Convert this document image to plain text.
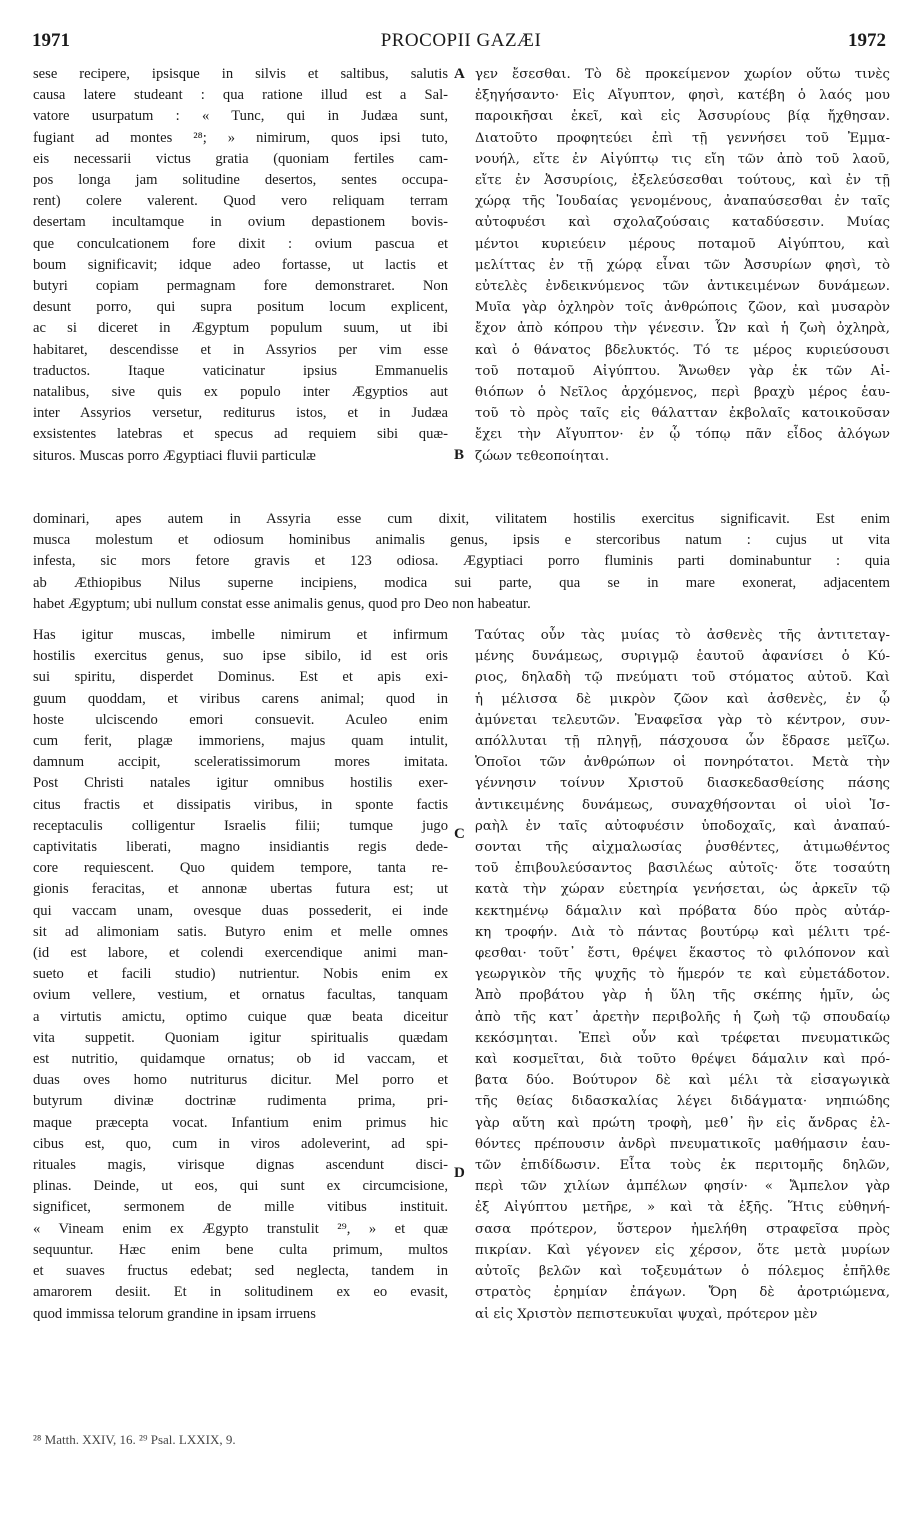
1971	PROCOPII GAZÆI	1972
sese recipere, ipsisque in silvis et saltibus, salutis
causa latere studeant : qua ratione illud est a Sal-
vatore usurpatum : « Tunc, qui in Judæa sunt,
fugiant ad montes ²⁸; » nimirum, quos ipsi tuto,
eis necessarii victus gratia (quoniam fertiles cam-
pos longa jam solitudine desertos, sentes occupa-
rent) colere valerent. Quod vero reliquam terram
desertam incultamque in ovium depastionem bovis-
que conculcationem fore dixit : ovium pascua et
boum significavit; idque adeo fortasse, ut lactis et
butyri copiam permagnam fore demonstraret. Non
desunt porro, qui supra positum locum explicent,
ac si diceret in Ægyptum populum suum, ut ibi
habitaret, descendisse et in Assyrios per vim esse
traductos. Itaque vaticinatur ipsius Emmanuelis
natalibus, sive quis ex populo inter Ægyptios aut
inter Assyrios versetur, rediturus istos, et in Judæa
exsistentes latebras et specus ad requiem sibi quæ-
situros. Muscas porro Ægyptiaci fluvii particulæ
γεν ἔσεσθαι. Τὸ δὲ προκείμενον χωρίον οὕτω τινὲς
ἐξηγήσαντο· Εἰς Αἴγυπτον, φησὶ, κατέβη ὁ λαός μου
παροικῆσαι ἐκεῖ, καὶ εἰς Ἀσσυρίους βίᾳ ἤχθησαν.
Διατοῦτο προφητεύει ἐπὶ τῇ γεννήσει τοῦ Ἐμμα-
νουήλ, εἴτε ἐν Αἰγύπτῳ τις εἴη τῶν ἀπὸ τοῦ λαοῦ,
εἴτε ἐν Ἀσσυρίοις, ἐξελεύσεσθαι τούτους, καὶ ἐν τῇ
χώρᾳ τῆς Ἰουδαίας γενομένους, ἀναπαύσεσθαι ἐν ταῖς
αὐτοφυέσι καὶ σχολαζούσαις καταδύσεσιν. Μυίας
μέντοι κυριεύειν μέρους ποταμοῦ Αἰγύπτου, καὶ
μελίττας ἐν τῇ χώρᾳ εἶναι τῶν Ἀσσυρίων φησὶ, τὸ
εὐτελὲς ἐνδεικνύμενος τῶν ἀντικειμένων δυνάμεων.
Μυῖα γὰρ ὀχληρὸν τοῖς ἀνθρώποις ζῶον, καὶ μυσαρὸν
ἔχον ἀπὸ κόπρου τὴν γένεσιν. Ὧν καὶ ἡ ζωὴ ὀχληρὰ,
καὶ ὁ θάνατος βδελυκτός. Τό τε μέρος κυριεύσουσι
τοῦ ποταμοῦ Αἰγύπτου. Ἄνωθεν γὰρ ἐκ τῶν Αἰ-
θιόπων ὁ Νεῖλος ἀρχόμενος, περὶ βραχὺ μέρος ἑαυ-
τοῦ τὸ πρὸς ταῖς εἰς θάλατταν ἐκβολαῖς κατοικοῦσαν
ἔχει τὴν Αἴγυπτον· ἐν ᾧ τόπῳ πᾶν εἶδος ἀλόγων
ζώων τεθεοποίηται.
dominari, apes autem in Assyria esse cum dixit, vilitatem hostilis exercitus significavit. Est enim
musca molestum et odiosum hominibus animalis genus, ipsis e stercoribus natum : cujus ut vita
infesta, sic mors fetore gravis et 123 odiosa. Ægyptiaci porro fluminis parti dominabuntur : quia
ab Æthiopibus Nilus superne incipiens, modica sui parte, qua se in mare exonerat, adjacentem
habet Ægyptum; ubi nullum constat esse animalis genus, quod pro Deo non habeatur.
Has igitur muscas, imbelle nimirum et infirmum
hostilis exercitus genus, suo ipse sibilo, id est oris
sui spiritu, disperdet Dominus. Est et apis exi-
guum quoddam, et viribus carens animal; quod in
hoste ulciscendo emori consuevit. Aculeo enim
cum ferit, plagæ immoriens, majus quam intulit,
damnum accipit, sceleratissimorum mores imitata.
Post Christi natales igitur omnibus hostilis exer-
citus fractis et dissipatis viribus, in sponte factis
receptaculis colligentur Israelis filii; tumque jugo
captivitatis liberati, magno insidiantis regis dede-
core requiescent. Quo quidem tempore, tanta re-
gionis feracitas, et annonæ ubertas futura est; ut
qui vaccam unam, ovesque duas possederit, ei inde
sit ad alimoniam satis. Butyro enim et melle omnes
(id est labore, et colendi exercendique animi man-
sueto et facili studio) nutrientur. Nobis enim ex
ovium vellere, vestium, et ornatus facultas, tanquam
a virtutis amictu, optimo cuique quæ beata diceitur
vita suppetit. Quoniam igitur spiritualis quædam
est nutritio, quidamque ornatus; ob id vaccam, et
duas oves homo nutriturus dicitur. Mel porro et
butyrum divinæ doctrinæ rudimenta prima, pri-
maque præcepta vocat. Infantium enim primus hic
cibus est, quo, cum in viros adoleverint, ad spi-
rituales magis, virisque dignas ascendunt disci-
plinas. Deinde, ut eos, qui sunt ex circumcisione,
significet, sermonem de mille vitibus instituit.
« Vineam enim ex Ægypto transtulit ²⁹, » et quæ
sequuntur. Hæc enim bene culta primum, multos
et suaves fructus edebat; sed neglecta, tandem in
amarorem desiit. Et in solitudinem ex eo evasit,
quod immissa telorum grandine in ipsam irruens
Ταύτας οὖν τὰς μυίας τὸ ἀσθενὲς τῆς ἀντιτεταγ-
μένης δυνάμεως, συριγμῷ ἑαυτοῦ ἀφανίσει ὁ Κύ-
ριος, δηλαδὴ τῷ πνεύματι τοῦ στόματος αὐτοῦ. Καὶ
ἡ μέλισσα δὲ μικρὸν ζῶον καὶ ἀσθενὲς, ἐν ᾧ
ἀμύνεται τελευτῶν. Ἐναφεῖσα γὰρ τὸ κέντρον, συν-
απόλλυται τῇ πληγῇ, πάσχουσα ὧν ἔδρασε μεῖζω.
Ὁποῖοι τῶν ἀνθρώπων οἱ πονηρότατοι. Μετὰ τὴν
γέννησιν τοίνυν Χριστοῦ διασκεδασθείσης πάσης
ἀντικειμένης δυνάμεως, συναχθήσονται οἱ υἱοὶ Ἰσ-
ραὴλ ἐν ταῖς αὐτοφυέσιν ὑποδοχαῖς, καὶ ἀναπαύ-
σονται τῆς αἰχμαλωσίας ῥυσθέντες, ἀτιμωθέντος
τοῦ ἐπιβουλεύσαντος βασιλέως αὐτοῖς· ὅτε τοσαύτη
κατὰ τὴν χώραν εὐετηρία γενήσεται, ὡς ἀρκεῖν τῷ
κεκτημένῳ δάμαλιν καὶ πρόβατα δύο πρὸς αὐτάρ-
κη τροφήν. Διὰ τὸ πάντας βουτύρῳ καὶ μέλιτι τρέ-
φεσθαι· τοῦτ᾽ ἔστι, θρέψει ἕκαστος τὸ φιλόπονον καὶ
γεωργικὸν τῆς ψυχῆς τὸ ἥμερόν τε καὶ εὐμετάδοτον.
Ἀπὸ προβάτου γὰρ ἡ ὕλη τῆς σκέπης ἡμῖν, ὡς
ἀπὸ τῆς κατ᾽ ἀρετὴν περιβολῆς ἡ ζωὴ τῷ σπουδαίῳ
κεκόσμηται. Ἐπεὶ οὖν καὶ τρέφεται πνευματικῶς
καὶ κοσμεῖται, διὰ τοῦτο θρέψει δάμαλιν καὶ πρό-
βατα δύο. Βούτυρον δὲ καὶ μέλι τὰ εἰσαγωγικὰ
τῆς θείας διδασκαλίας λέγει διδάγματα· νηπιώδης
γὰρ αὕτη καὶ πρώτη τροφὴ, μεθ᾽ ἣν εἰς ἄνδρας ἐλ-
θόντες πρέπουσιν ἀνδρὶ πνευματικοῖς μαθήμασιν ἑαυ-
τῶν ἐπιδίδωσιν. Εἶτα τοὺς ἐκ περιτομῆς δηλῶν,
περὶ τῶν χιλίων ἀμπέλων φησίν· « Ἄμπελον γὰρ
ἐξ Αἰγύπτου μετῆρε, » καὶ τὰ ἑξῆς. Ἥτις εὐθηνή-
σασα πρότερον, ὕστερον ἠμελήθη στραφεῖσα πρὸς
πικρίαν. Καὶ γέγονεν εἰς χέρσον, ὅτε μετὰ μυρίων
αὐτοῖς βελῶν καὶ τοξευμάτων ὁ πόλεμος ἐπῆλθε
στρατὸς ἐρημίαν ἐπάγων. Ὄρη δὲ ἀροτριώμενα,
αἱ εἰς Χριστὸν πεπιστευκυῖαι ψυχαὶ, πρότερον μὲν
A
B
C
D
²⁸ Matth. XXIV, 16. ²⁹ Psal. LXXIX, 9.
